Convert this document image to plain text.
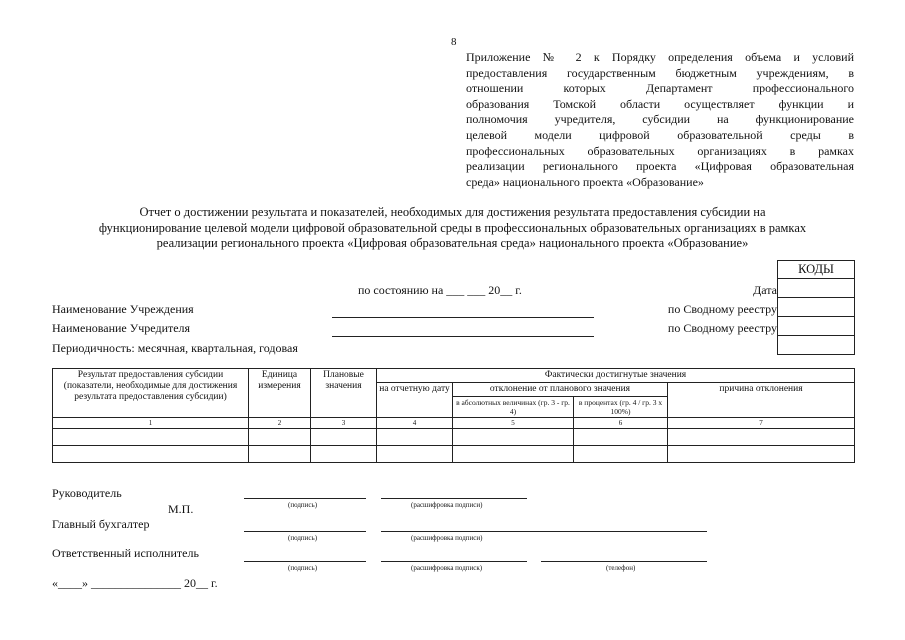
8
Приложение № 2 к Порядку определения объема и условий
предоставления государственным бюджетным учреждениям, в
отношении которых Департамент профессионального
образования Томской области осуществляет функции и
полномочия учредителя, субсидии на функционирование
целевой модели цифровой образовательной среды в
профессиональных образовательных организациях в рамках
реализации регионального проекта «Цифровая образовательная
среда» национального проекта «Образование»
Отчет о достижении результата и показателей, необходимых для достижения результата предоставления субсидии на
функционирование целевой модели цифровой образовательной среды в профессиональных образовательных организациях в рамках
реализации регионального проекта «Цифровая образовательная среда» национального проекта «Образование»
КОДЫ

по состоянию на ___ ___ 20__ г.	Дата
по Сводному реестру
по Сводному реестру
Наименование Учреждения
Наименование Учредителя
Периодичность: месячная, квартальная, годовая
Результат предоставления субсидии (показатели, необходимые для достижения результата предоставления субсидии)	Единица измерения	Плановые значения	Фактически достигнутые значения			
			на отчетную дату	отклонение от планового значения		причина отклонения
				в абсолютных величинах (гр. 3 - гр. 4)	в процентах (гр. 4 / гр. 3 х 100%)	
1	2	3	4	5	6	7

Руководитель
М.П.	(подпись)	(расшифровка подписи)
Главный бухгалтер
(подпись)	(расшифровка подписи)
Ответственный исполнитель
(подпись)	(расшифровка подписк)	(телефон)
«____» _______________ 20__ г.
